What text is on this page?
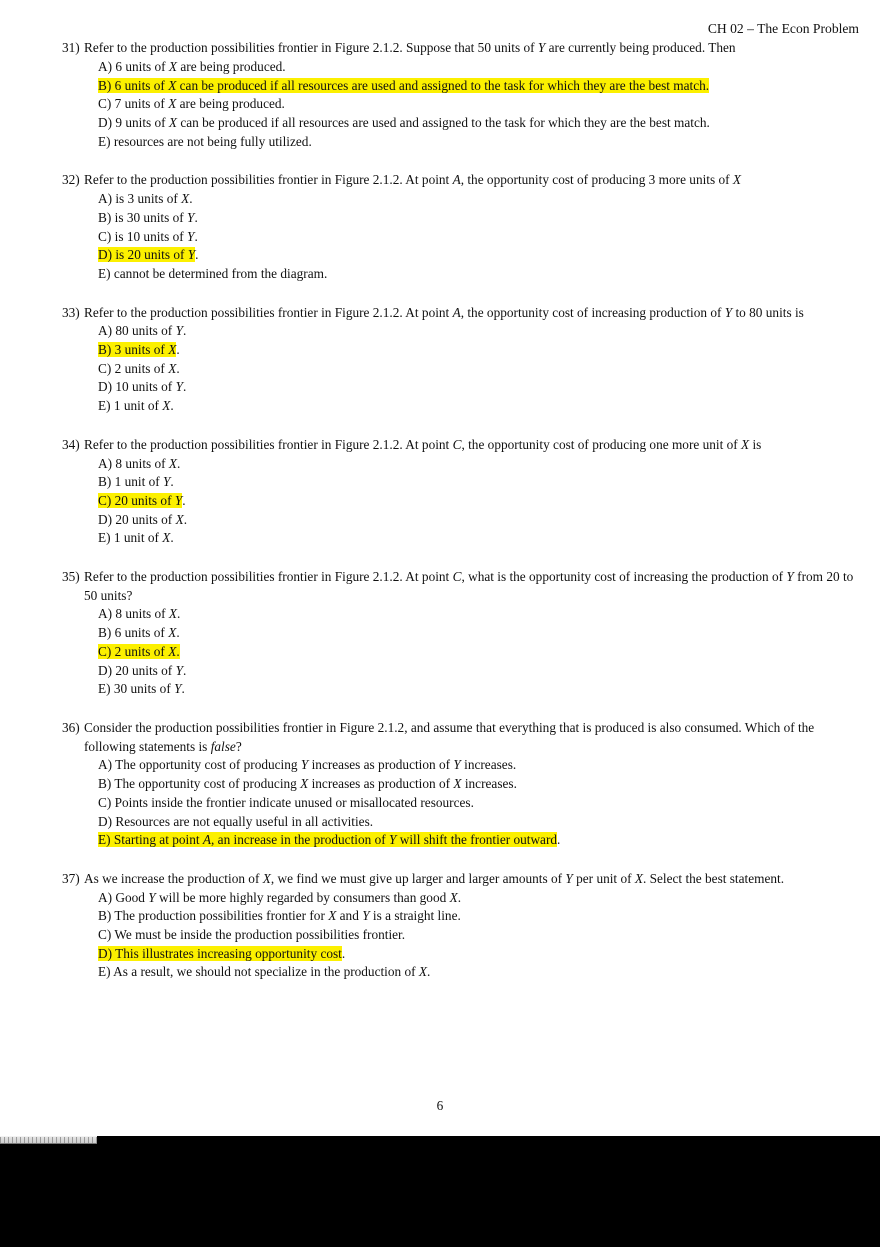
CH 02 – The Econ Problem
31) Refer to the production possibilities frontier in Figure 2.1.2. Suppose that 50 units of Y are currently being produced. Then
A) 6 units of X are being produced.
B) 6 units of X can be produced if all resources are used and assigned to the task for which they are the best match.
C) 7 units of X are being produced.
D) 9 units of X can be produced if all resources are used and assigned to the task for which they are the best match.
E) resources are not being fully utilized.
32) Refer to the production possibilities frontier in Figure 2.1.2. At point A, the opportunity cost of producing 3 more units of X
A) is 3 units of X.
B) is 30 units of Y.
C) is 10 units of Y.
D) is 20 units of Y.
E) cannot be determined from the diagram.
33) Refer to the production possibilities frontier in Figure 2.1.2. At point A, the opportunity cost of increasing production of Y to 80 units is
A) 80 units of Y.
B) 3 units of X.
C) 2 units of X.
D) 10 units of Y.
E) 1 unit of X.
34) Refer to the production possibilities frontier in Figure 2.1.2. At point C, the opportunity cost of producing one more unit of X is
A) 8 units of X.
B) 1 unit of Y.
C) 20 units of Y.
D) 20 units of X.
E) 1 unit of X.
35) Refer to the production possibilities frontier in Figure 2.1.2. At point C, what is the opportunity cost of increasing the production of Y from 20 to 50 units?
A) 8 units of X.
B) 6 units of X.
C) 2 units of X.
D) 20 units of Y.
E) 30 units of Y.
36) Consider the production possibilities frontier in Figure 2.1.2, and assume that everything that is produced is also consumed. Which of the following statements is false?
A) The opportunity cost of producing Y increases as production of Y increases.
B) The opportunity cost of producing X increases as production of X increases.
C) Points inside the frontier indicate unused or misallocated resources.
D) Resources are not equally useful in all activities.
E) Starting at point A, an increase in the production of Y will shift the frontier outward.
37) As we increase the production of X, we find we must give up larger and larger amounts of Y per unit of X. Select the best statement.
A) Good Y will be more highly regarded by consumers than good X.
B) The production possibilities frontier for X and Y is a straight line.
C) We must be inside the production possibilities frontier.
D) This illustrates increasing opportunity cost.
E) As a result, we should not specialize in the production of X.
6
